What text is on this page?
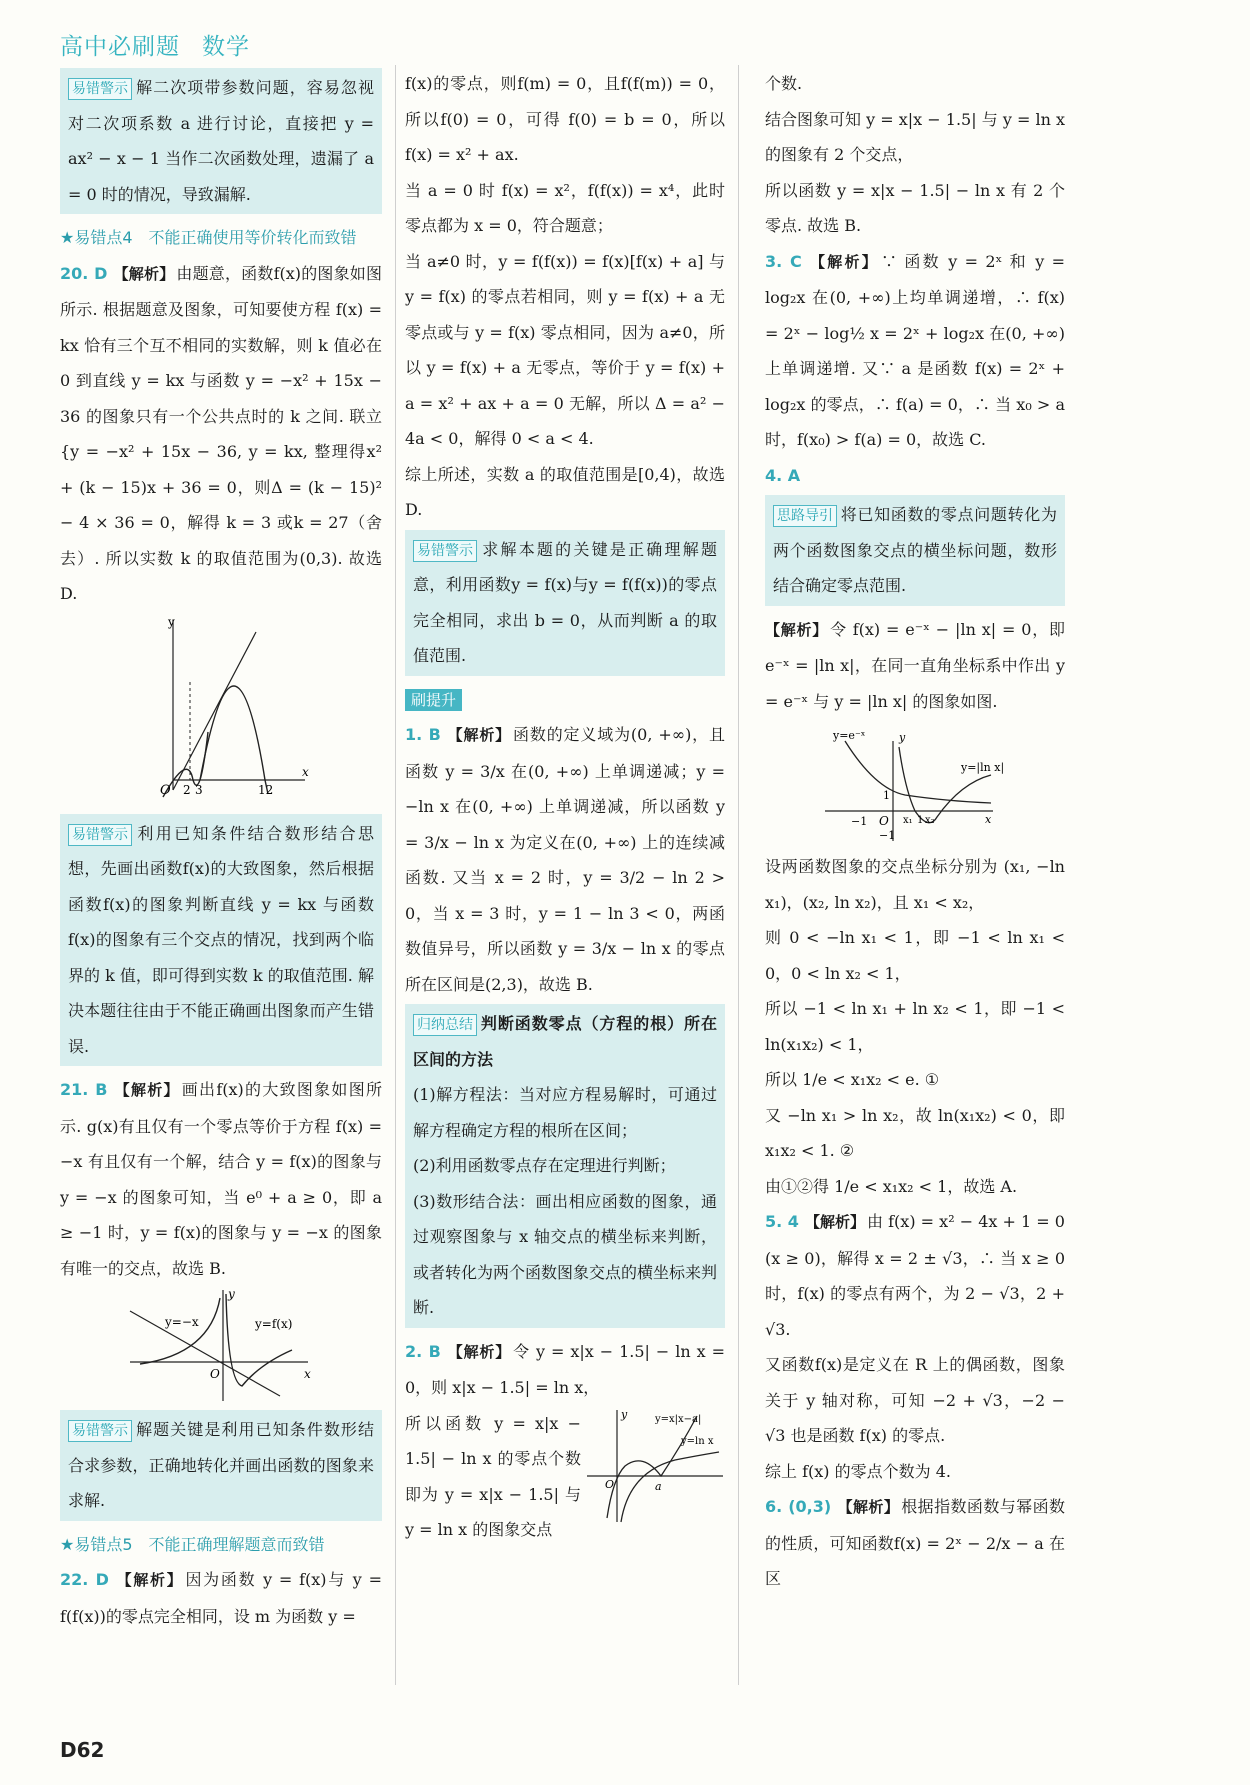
高中必刷题 数学
易错警示 解二次项带参数问题，容易忽视对二次项系数 a 进行讨论，直接把 y = ax² − x − 1 当作二次函数处理，遗漏了 a = 0 时的情况，导致漏解.

★易错点4　不能正确使用等价转化而致错

20. D 【解析】 由题意，函数f(x)的图象如图所示. 根据题意及图象，可知要使方程 f(x) = kx 恰有三个互不相同的实数解，则 k 值必在 0 到直线 y = kx 与函数 y = −x² + 15x − 36 的图象只有一个公共点时的 k 之间. 联立 {y = −x² + 15x − 36, y = kx, 整理得x² + (k − 15)x + 36 = 0，则Δ = (k − 15)² − 4 × 36 = 0，解得 k = 3 或k = 27（舍去）. 所以实数 k 的取值范围为(0,3). 故选 D.

y
x
O 2 3	12
易错警示 利用已知条件结合数形结合思想，先画出函数f(x)的大致图象，然后根据函数f(x)的图象判断直线 y = kx 与函数 f(x)的图象有三个交点的情况，找到两个临界的 k 值，即可得到实数 k 的取值范围. 解决本题往往由于不能正确画出图象而产生错误.

21. B 【解析】 画出f(x)的大致图象如图所示. g(x)有且仅有一个零点等价于方程 f(x) = −x 有且仅有一个解，结合 y = f(x)的图象与 y = −x 的图象可知，当 e⁰ + a ≥ 0，即 a ≥ −1 时，y = f(x)的图象与 y = −x 的图象有唯一的交点，故选 B.

y
x
O
y=−x	y=f(x)
易错警示 解题关键是利用已知条件数形结合求参数，正确地转化并画出函数的图象来求解.

★易错点5　不能正确理解题意而致错

22. D 【解析】 因为函数 y = f(x)与 y = f(f(x))的零点完全相同，设 m 为函数 y =

f(x)的零点，则f(m) = 0，且f(f(m)) = 0，所以f(0) = 0，可得 f(0) = b = 0，所以 f(x) = x² + ax.

当 a = 0 时 f(x) = x²，f(f(x)) = x⁴，此时零点都为 x = 0，符合题意；

当 a≠0 时，y = f(f(x)) = f(x)[f(x) + a] 与 y = f(x) 的零点若相同，则 y = f(x) + a 无零点或与 y = f(x) 零点相同，因为 a≠0，所以 y = f(x) + a 无零点，等价于 y = f(x) + a = x² + ax + a = 0 无解，所以 Δ = a² − 4a < 0，解得 0 < a < 4.

综上所述，实数 a 的取值范围是[0,4)，故选 D.

易错警示 求解本题的关键是正确理解题意，利用函数y = f(x)与y = f(f(x))的零点完全相同，求出 b = 0，从而判断 a 的取值范围.
刷提升

1. B 【解析】 函数的定义域为(0, +∞)，且函数 y = 3/x 在(0, +∞) 上单调递减；y = −ln x 在(0, +∞) 上单调递减，所以函数 y = 3/x − ln x 为定义在(0, +∞) 上的连续减函数. 又当 x = 2 时，y = 3/2 − ln 2 > 0，当 x = 3 时，y = 1 − ln 3 < 0，两函数值异号，所以函数 y = 3/x − ln x 的零点所在区间是(2,3)，故选 B.

归纳总结 判断函数零点（方程的根）所在区间的方法

(1)解方程法：当对应方程易解时，可通过解方程确定方程的根所在区间；

(2)利用函数零点存在定理进行判断；

(3)数形结合法：画出相应函数的图象，通过观察图象与 x 轴交点的横坐标来判断，或者转化为两个函数图象交点的横坐标来判断.

2. B 【解析】 令 y = x|x − 1.5| − ln x = 0，则 x|x − 1.5| = ln x，

所以函数 y = x|x − 1.5| − ln x 的零点个数即为 y = x|x − 1.5| 与y = ln x 的图象交点

y	y=x|x−a|
y=ln x
O	a

个数.

结合图象可知 y = x|x − 1.5| 与 y = ln x 的图象有 2 个交点，

所以函数 y = x|x − 1.5| − ln x 有 2 个零点. 故选 B.

3. C 【解析】 ∵ 函数 y = 2ˣ 和 y = log₂x 在(0, +∞)上均单调递增，∴ f(x) = 2ˣ − log½ x = 2ˣ + log₂x 在(0, +∞)上单调递增. 又∵ a 是函数 f(x) = 2ˣ + log₂x 的零点，∴ f(a) = 0，∴ 当 x₀ > a 时，f(x₀) > f(a) = 0，故选 C.

4. A

思路导引 将已知函数的零点问题转化为两个函数图象交点的横坐标问题，数形结合确定零点范围.

【解析】 令 f(x) = e⁻ˣ − |ln x| = 0，即 e⁻ˣ = |ln x|，在同一直角坐标系中作出 y = e⁻ˣ 与 y = |ln x| 的图象如图.

y=e⁻ˣ	y
y=|ln x|
−1 O x₁ 1 x₂	x
1
−1

设两函数图象的交点坐标分别为 (x₁, −ln x₁)，(x₂, ln x₂)，且 x₁ < x₂，

则 0 < −ln x₁ < 1，即 −1 < ln x₁ < 0，0 < ln x₂ < 1，

所以 −1 < ln x₁ + ln x₂ < 1，即 −1 < ln(x₁x₂) < 1，

所以 1/e < x₁x₂ < e. ①

又 −ln x₁ > ln x₂，故 ln(x₁x₂) < 0，即 x₁x₂ < 1. ②

由①②得 1/e < x₁x₂ < 1，故选 A.

5. 4 【解析】 由 f(x) = x² − 4x + 1 = 0 (x ≥ 0)，解得 x = 2 ± √3，∴ 当 x ≥ 0 时，f(x) 的零点有两个，为 2 − √3，2 + √3.

又函数f(x)是定义在 R 上的偶函数，图象关于 y 轴对称，可知 −2 + √3，−2 − √3 也是函数 f(x) 的零点.

综上 f(x) 的零点个数为 4.

6. (0,3) 【解析】 根据指数函数与幂函数的性质，可知函数f(x) = 2ˣ − 2/x − a 在区

D62
